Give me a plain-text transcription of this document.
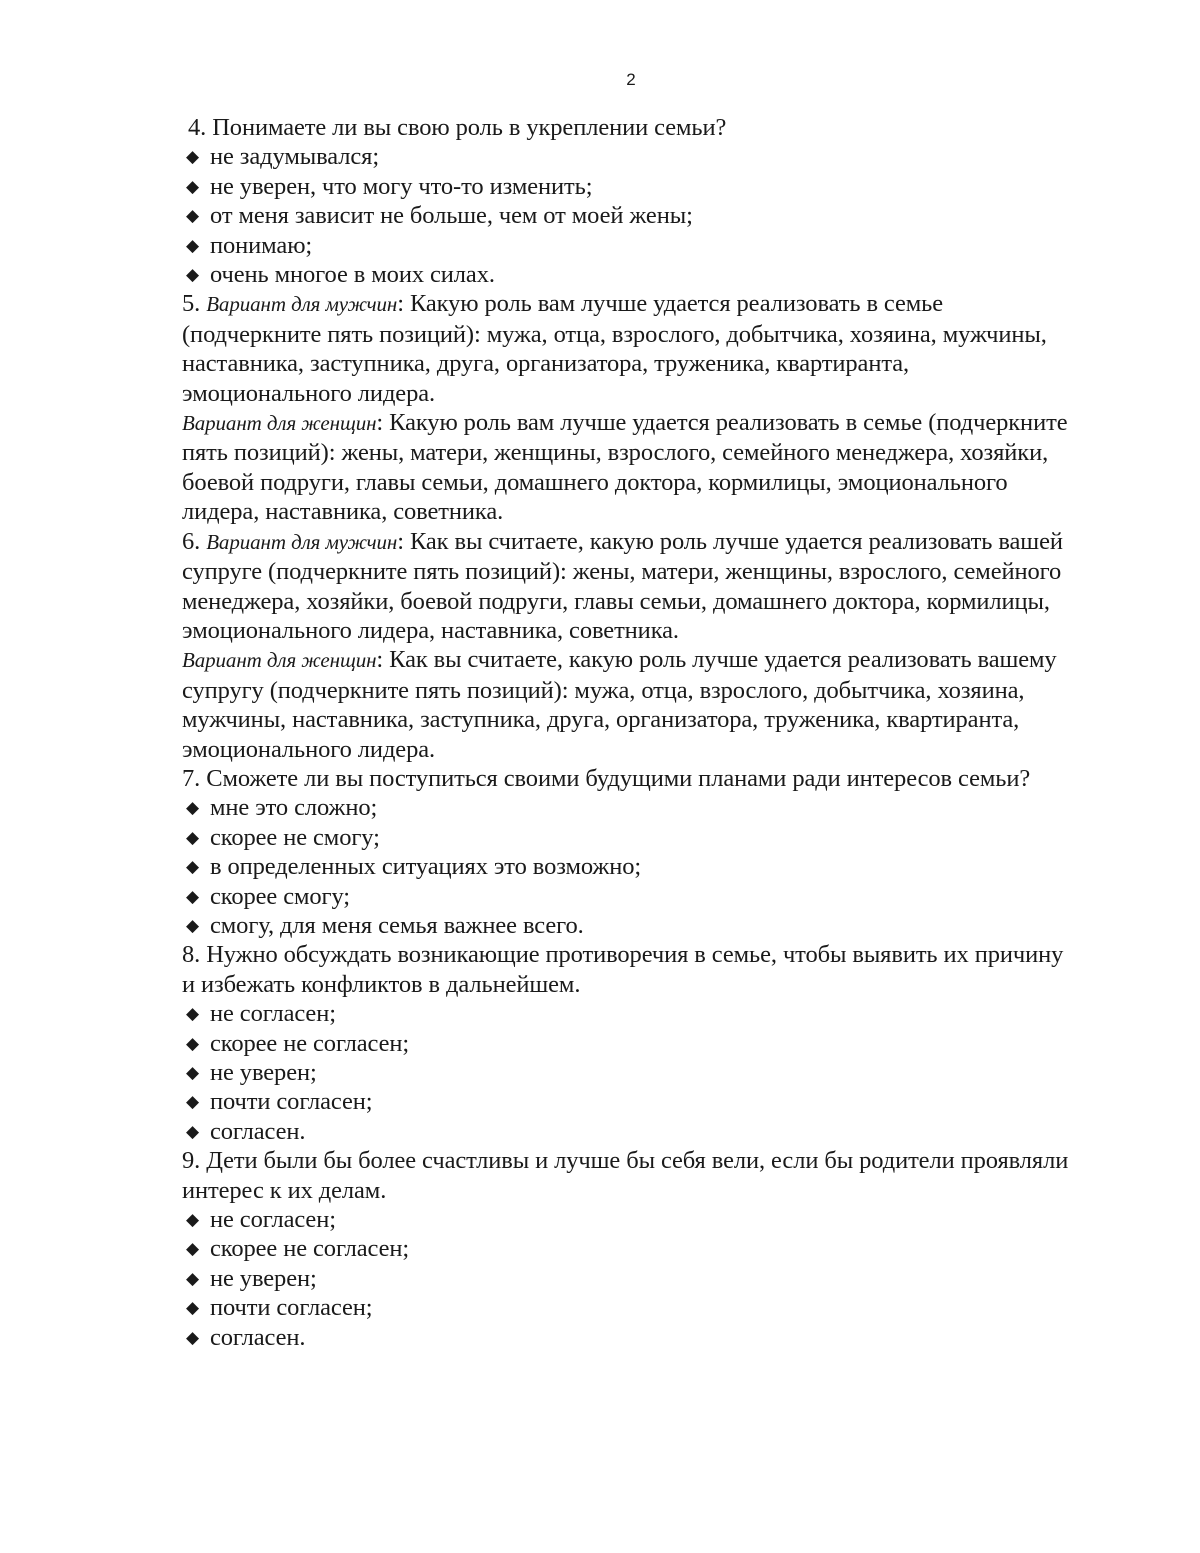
2

4. Понимаете ли вы свою роль в укреплении семьи?

◆ не задумывался;
◆ не уверен, что могу что-то изменить;
◆ от меня зависит не больше, чем от моей жены;
◆ понимаю;
◆ очень многое в моих силах.

5. Вариант для мужчин: Какую роль вам лучше удается реализовать в семье (подчеркните пять позиций): мужа, отца, взрослого, добытчика, хозяина, мужчины, наставника, заступника, друга, организатора, труженика, квартиранта, эмоционального лидера.

Вариант для женщин: Какую роль вам лучше удается реализовать в семье (подчеркните пять позиций): жены, матери, женщины, взрослого, семейного менеджера, хозяйки, боевой подруги, главы семьи, домашнего доктора, кормилицы, эмоционального лидера, наставника, советника.

6. Вариант для мужчин: Как вы считаете, какую роль лучше удается реализовать вашей супруге (подчеркните пять позиций): жены, матери, женщины, взрослого, семейного менеджера, хозяйки, боевой подруги, главы семьи, домашнего доктора, кормилицы, эмоционального лидера, наставника, советника.

Вариант для женщин: Как вы считаете, какую роль лучше удается реализовать вашему супругу (подчеркните пять позиций): мужа, отца, взрослого, добытчика, хозяина, мужчины, наставника, заступника, друга, организатора, труженика, квартиранта, эмоционального лидера.

7. Сможете ли вы поступиться своими будущими планами ради интересов семьи?

◆ мне это сложно;
◆ скорее не смогу;
◆ в определенных ситуациях это возможно;
◆ скорее смогу;
◆ смогу, для меня семья важнее всего.

8. Нужно обсуждать возникающие противоречия в семье, чтобы выявить их причину и избежать конфликтов в дальнейшем.

◆ не согласен;
◆ скорее не согласен;
◆ не уверен;
◆ почти согласен;
◆ согласен.

9. Дети были бы более счастливы и лучше бы себя вели, если бы родители проявляли интерес к их делам.

◆ не согласен;
◆ скорее не согласен;
◆ не уверен;
◆ почти согласен;
◆ согласен.
